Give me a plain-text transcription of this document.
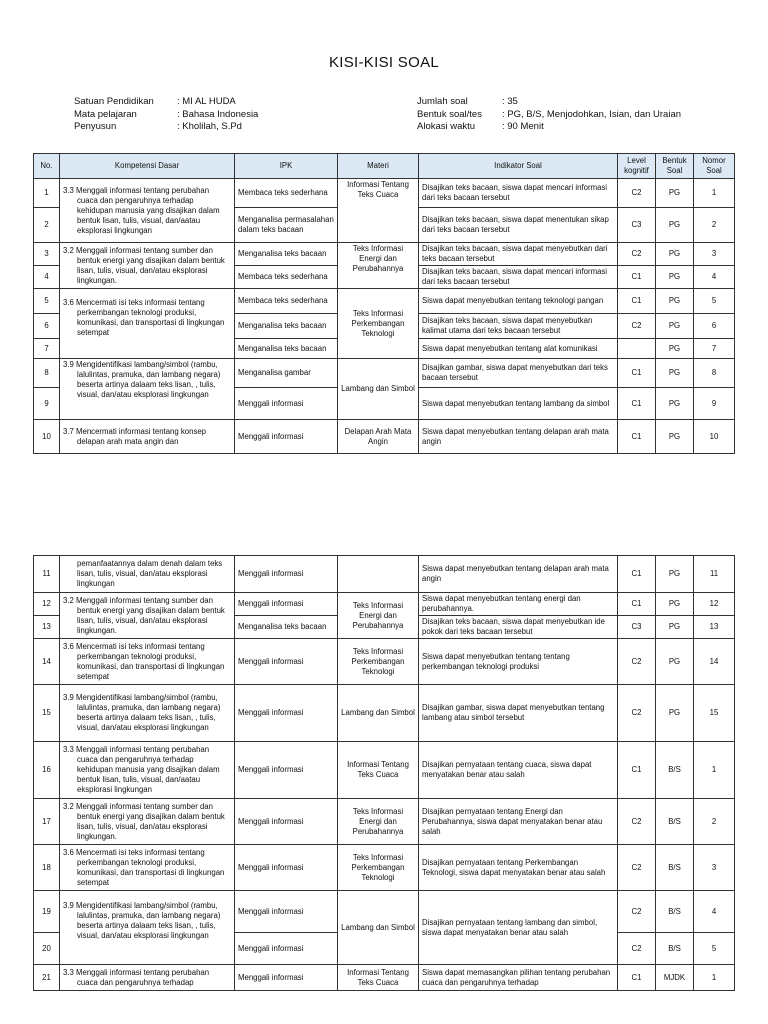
KISI-KISI SOAL
Satuan Pendidikan	: MI AL HUDA
Mata pelajaran	: Bahasa Indonesia
Penyusun	: Kholilah, S.Pd
Jumlah soal	: 35
Bentuk soal/tes	: PG, B/S, Menjodohkan, Isian, dan Uraian
Alokasi waktu	: 90 Menit
No.	Kompetensi Dasar	IPK	Materi	Indikator Soal	Level kognitif	Bentuk Soal	Nomor Soal
1	3.3 Menggali informasi tentang perubahan cuaca dan pengaruhnya terhadap kehidupan manusia yang disajikan dalam bentuk lisan, tulis, visual, dan/aatau eksplorasi lingkungan	Membaca teks sederhana	Informasi Tentang Teks Cuaca	Disajikan teks bacaan, siswa dapat mencari informasi dari teks bacaan tersebut	C2	PG	1
2		Menganalisa permasalahan dalam teks bacaan		Disajikan teks bacaan, siswa dapat menentukan sikap dari teks bacaan tersebut	C3	PG	2
3	3.2 Menggali informasi tentang sumber dan bentuk energi yang disajikan dalam bentuk lisan, tulis, visual, dan/atau eksplorasi lingkungan.	Menganalisa teks bacaan	Teks Informasi Energi dan Perubahannya	Disajikan teks bacaan, siswa dapat menyebutkan dari teks bacaan tersebut	C2	PG	3
4		Membaca teks sederhana		Disajikan teks bacaan, siswa dapat mencari informasi dari teks bacaan tersebut	C1	PG	4
5	3.6 Mencermati isi teks informasi tentang perkembangan teknologi produksi, komunikasi, dan transportasi di lingkungan setempat	Membaca teks sederhana	Teks Informasi Perkembangan Teknologi	Siswa dapat menyebutkan tentang teknologi pangan	C1	PG	5
6		Menganalisa teks bacaan		Disajikan teks bacaan, siswa dapat menyebutkan kalimat utama dari teks bacaan tersebut	C2	PG	6
7		Menganalisa teks bacaan		Siswa dapat menyebutkan tentang alat komunikasi		PG	7
8	3.9 Mengidentifikasi lambang/simbol (rambu, lalulintas, pramuka, dan lambang negara) beserta artinya dalaam teks lisan, , tulis, visual, dan/atau eksplorasi lingkungan	Menganalisa gambar	Lambang dan Simbol	Disajikan gambar, siswa dapat menyebutkan dari teks bacaan tersebut	C1	PG	8
9		Menggali informasi		Siswa dapat menyebutkan tentang lambang da simbol	C1	PG	9
10	3.7 Mencermati informasi tentang konsep delapan arah mata angin dan	Menggali informasi	Delapan Arah Mata Angin	Siswa dapat menyebutkan tentang delapan arah mata angin	C1	PG	10
11	pemanfaatannya dalam denah dalam teks lisan, tulis, visual, dan/atau eksplorasi lingkungan	Menggali informasi		Siswa dapat menyebutkan tentang delapan arah mata angin	C1	PG	11
12	3.2 Menggali informasi tentang sumber dan bentuk energi yang disajikan dalam bentuk lisan, tulis, visual, dan/atau eksplorasi lingkungan.	Menggali informasi	Teks Informasi Energi dan Perubahannya	Siswa dapat menyebutkan tentang energi dan perubahannya.	C1	PG	12
13		Menganalisa teks bacaan		Disajikan teks bacaan, siswa dapat menyebutkan ide pokok dari teks bacaan tersebut	C3	PG	13
14	3.6 Mencermati isi teks informasi tentang perkembangan teknologi produksi, komunikasi, dan transportasi di lingkungan setempat	Menggali informasi	Teks Informasi Perkembangan Teknologi	Siswa dapat menyebutkan tentang tentang perkembangan teknologi produksi	C2	PG	14
15	3.9 Mengidentifikasi lambang/simbol (rambu, lalulintas, pramuka, dan lambang negara) beserta artinya dalaam teks lisan, , tulis, visual, dan/atau eksplorasi lingkungan	Menggali informasi	Lambang dan Simbol	Disajikan gambar, siswa dapat menyebutkan tentang lambang atau simbol tersebut	C2	PG	15
16	3.3 Menggali informasi tentang perubahan cuaca dan pengaruhnya terhadap kehidupan manusia yang disajikan dalam bentuk lisan, tulis, visual, dan/aatau eksplorasi lingkungan	Menggali informasi	Informasi Tentang Teks Cuaca	Disajikan pernyataan tentang cuaca, siswa dapat menyatakan benar atau salah	C1	B/S	1
17	3.2 Menggali informasi tentang sumber dan bentuk energi yang disajikan dalam bentuk lisan, tulis, visual, dan/atau eksplorasi lingkungan.	Menggali informasi	Teks Informasi Energi dan Perubahannya	Disajikan pernyataan tentang Energi dan Perubahannya, siswa dapat menyatakan benar atau salah	C2	B/S	2
18	3.6 Mencermati isi teks informasi tentang perkembangan teknologi produksi, komunikasi, dan transportasi di lingkungan setempat	Menggali informasi	Teks Informasi Perkembangan Teknologi	Disajikan pernyataan tentang Perkembangan Teknologi, siswa dapat menyatakan benar atau salah	C2	B/S	3
19	3.9 Mengidentifikasi lambang/simbol (rambu, lalulintas, pramuka, dan lambang negara) beserta artinya dalaam teks lisan, , tulis, visual, dan/atau eksplorasi lingkungan	Menggali informasi	Lambang dan Simbol	Disajikan pernyataan tentang lambang dan simbol, siswa dapat menyatakan benar atau salah	C2	B/S	4
20		Menggali informasi			C2	B/S	5
21	3.3 Menggali informasi tentang perubahan cuaca dan pengaruhnya terhadap	Menggali informasi	Informasi Tentang Teks Cuaca	Siswa dapat memasangkan pilihan tentang perubahan cuaca dan pengaruhnya terhadap	C1	MJDK	1
